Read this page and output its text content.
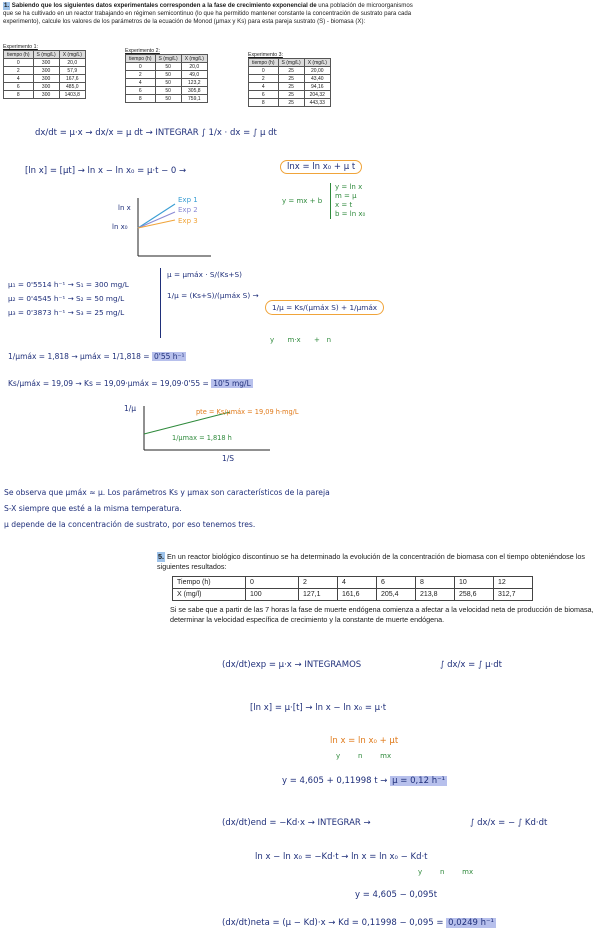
1. Sabiendo que los siguientes datos experimentales corresponden a la fase de crecimiento exponencial de una población de microorganismos que se ha cultivado en un reactor trabajando en régimen semicontinuo (lo que ha permitido mantener constante la concentración de sustrato para cada experimento), calcule los valores de los parámetros de la ecuación de Monod (μmax y Ks) para esta pareja sustrato (S) - biomasa (X):
Experimento 1:
tiempo (h)	S (mg/L)	X (mg/L)
0	300	20,0
2	300	57,9
4	300	167,6
6	300	485,0
8	300	1403,8
Experimento 2:
tiempo (h)	S (mg/L)	X (mg/L)
0	50	20,0
2	50	49,0
4	50	123,2
6	50	305,8
8	50	759,1
Experimento 3:
tiempo (h)	S (mg/L)	X (mg/L)
0	25	20,00
2	25	43,40
4	25	94,16
6	25	204,32
8	25	443,33
dx/dt = μ·x → dx/x = μ dt → INTEGRAR ∫ 1/x · dx = ∫ μ dt
[ln x] = [μt] → ln x − ln x₀ = μ·t − 0 →	lnx = ln x₀ + μ t
y = mx + b
y = ln x
m = μ
x = t
b = ln x₀
ln x
ln x₀
Exp 1
Exp 2
Exp 3
μ₁ = 0'5514 h⁻¹ → S₁ = 300 mg/L
μ₂ = 0'4545 h⁻¹ → S₂ = 50 mg/L
μ₃ = 0'3873 h⁻¹ → S₃ = 25 mg/L
μ = μmáx · S/(Ks+S)
1/μ = (Ks+S)/(μmáx S) →
1/μ = Ks/(μmáx S) + 1/μmáx
y      m·x      +   n
1/μmáx = 1,818 → μmáx = 1/1,818 = 0'55 h⁻¹
Ks/μmáx = 19,09 → Ks = 19,09·μmáx = 19,09·0'55 = 10'5 mg/L
1/μ
1/S
pte = Ks/μmáx = 19,09 h·mg/L
1/μmax = 1,818 h
Se observa que μmáx ≈ μ. Los parámetros Ks y μmax son característicos de la pareja
S-X siempre que esté a la misma temperatura.
μ depende de la concentración de sustrato, por eso tenemos tres.
5. En un reactor biológico discontinuo se ha determinado la evolución de la concentración de biomasa con el tiempo obteniéndose los siguientes resultados:
Tiempo (h)	0	2	4	6	8	10	12
X (mg/l)	100	127,1	161,6	205,4	213,8	258,6	312,7
Si se sabe que a partir de las 7 horas la fase de muerte endógena comienza a afectar a la velocidad neta de producción de biomasa, determinar la velocidad específica de crecimiento y la constante de muerte endógena.
(dx/dt)exp = μ·x → INTEGRAMOS	∫ dx/x = ∫ μ·dt
[ln x] = μ·[t] → ln x − ln x₀ = μ·t
ln x = ln x₀ + μt
y        n        mx
y = 4,605 + 0,11998 t → μ = 0,12 h⁻¹
(dx/dt)end = −Kd·x → INTEGRAR →	∫ dx/x = − ∫ Kd·dt
ln x − ln x₀ = −Kd·t → ln x = ln x₀ − Kd·t
y        n        mx
y = 4,605 − 0,095t
(dx/dt)neta = (μ − Kd)·x → Kd = 0,11998 − 0,095 = 0,0249 h⁻¹
